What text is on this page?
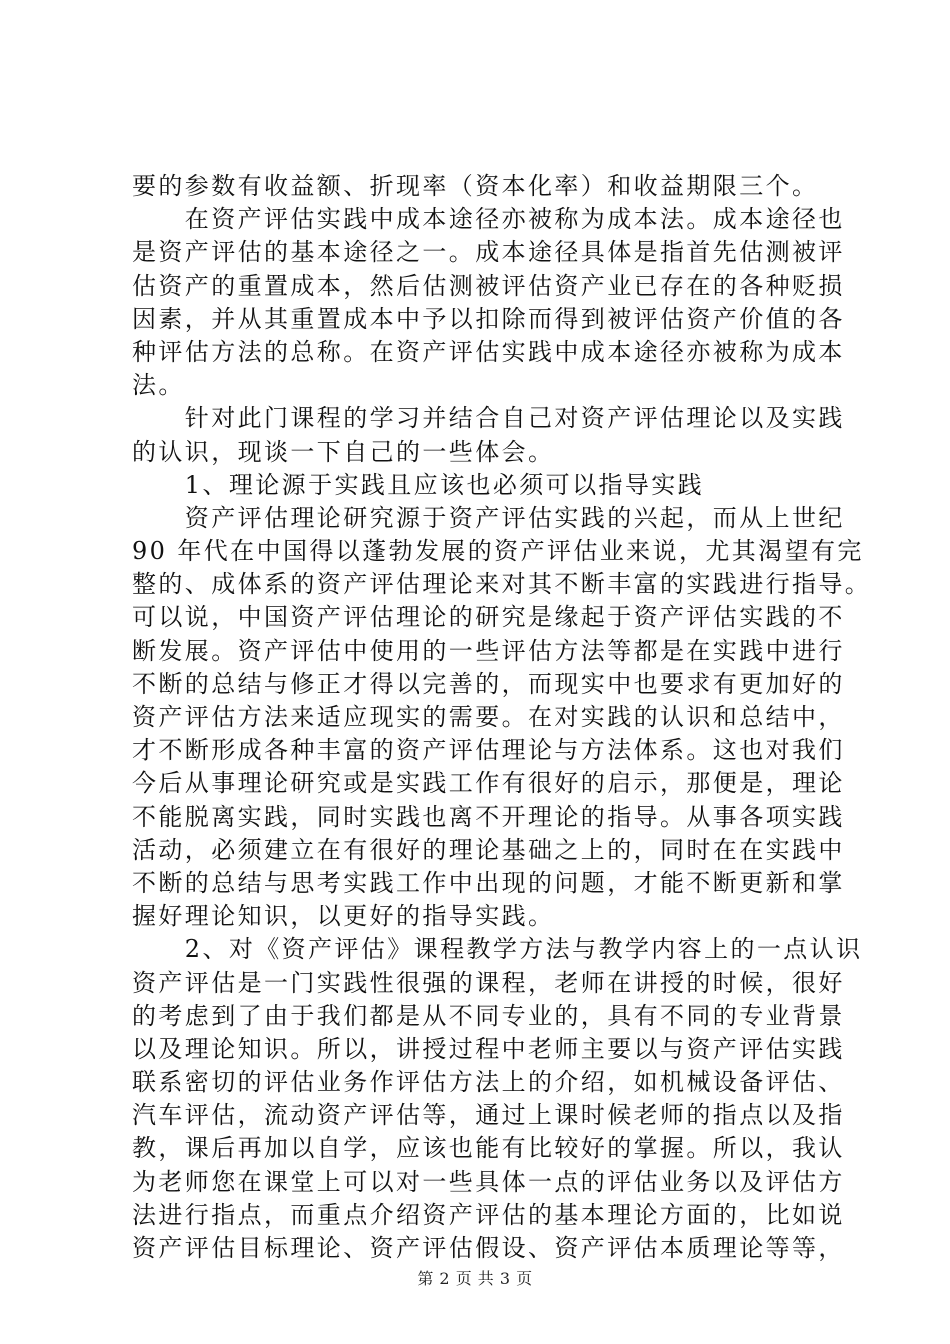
要的参数有收益额、折现率（资本化率）和收益期限三个。
　　在资产评估实践中成本途径亦被称为成本法。成本途径也
是资产评估的基本途径之一。成本途径具体是指首先估测被评
估资产的重置成本，然后估测被评估资产业已存在的各种贬损
因素，并从其重置成本中予以扣除而得到被评估资产价值的各
种评估方法的总称。在资产评估实践中成本途径亦被称为成本
法。
　　针对此门课程的学习并结合自己对资产评估理论以及实践
的认识，现谈一下自己的一些体会。
　　1、理论源于实践且应该也必须可以指导实践
　　资产评估理论研究源于资产评估实践的兴起，而从上世纪
90 年代在中国得以蓬勃发展的资产评估业来说，尤其渴望有完
整的、成体系的资产评估理论来对其不断丰富的实践进行指导。
可以说，中国资产评估理论的研究是缘起于资产评估实践的不
断发展。资产评估中使用的一些评估方法等都是在实践中进行
不断的总结与修正才得以完善的，而现实中也要求有更加好的
资产评估方法来适应现实的需要。在对实践的认识和总结中，
才不断形成各种丰富的资产评估理论与方法体系。这也对我们
今后从事理论研究或是实践工作有很好的启示，那便是，理论
不能脱离实践，同时实践也离不开理论的指导。从事各项实践
活动，必须建立在有很好的理论基础之上的，同时在在实践中
不断的总结与思考实践工作中出现的问题，才能不断更新和掌
握好理论知识，以更好的指导实践。
　　2、对《资产评估》课程教学方法与教学内容上的一点认识
资产评估是一门实践性很强的课程，老师在讲授的时候，很好
的考虑到了由于我们都是从不同专业的，具有不同的专业背景
以及理论知识。所以，讲授过程中老师主要以与资产评估实践
联系密切的评估业务作评估方法上的介绍，如机械设备评估、
汽车评估，流动资产评估等，通过上课时候老师的指点以及指
教，课后再加以自学，应该也能有比较好的掌握。所以，我认
为老师您在课堂上可以对一些具体一点的评估业务以及评估方
法进行指点，而重点介绍资产评估的基本理论方面的，比如说
资产评估目标理论、资产评估假设、资产评估本质理论等等，
第 2 页 共 3 页
